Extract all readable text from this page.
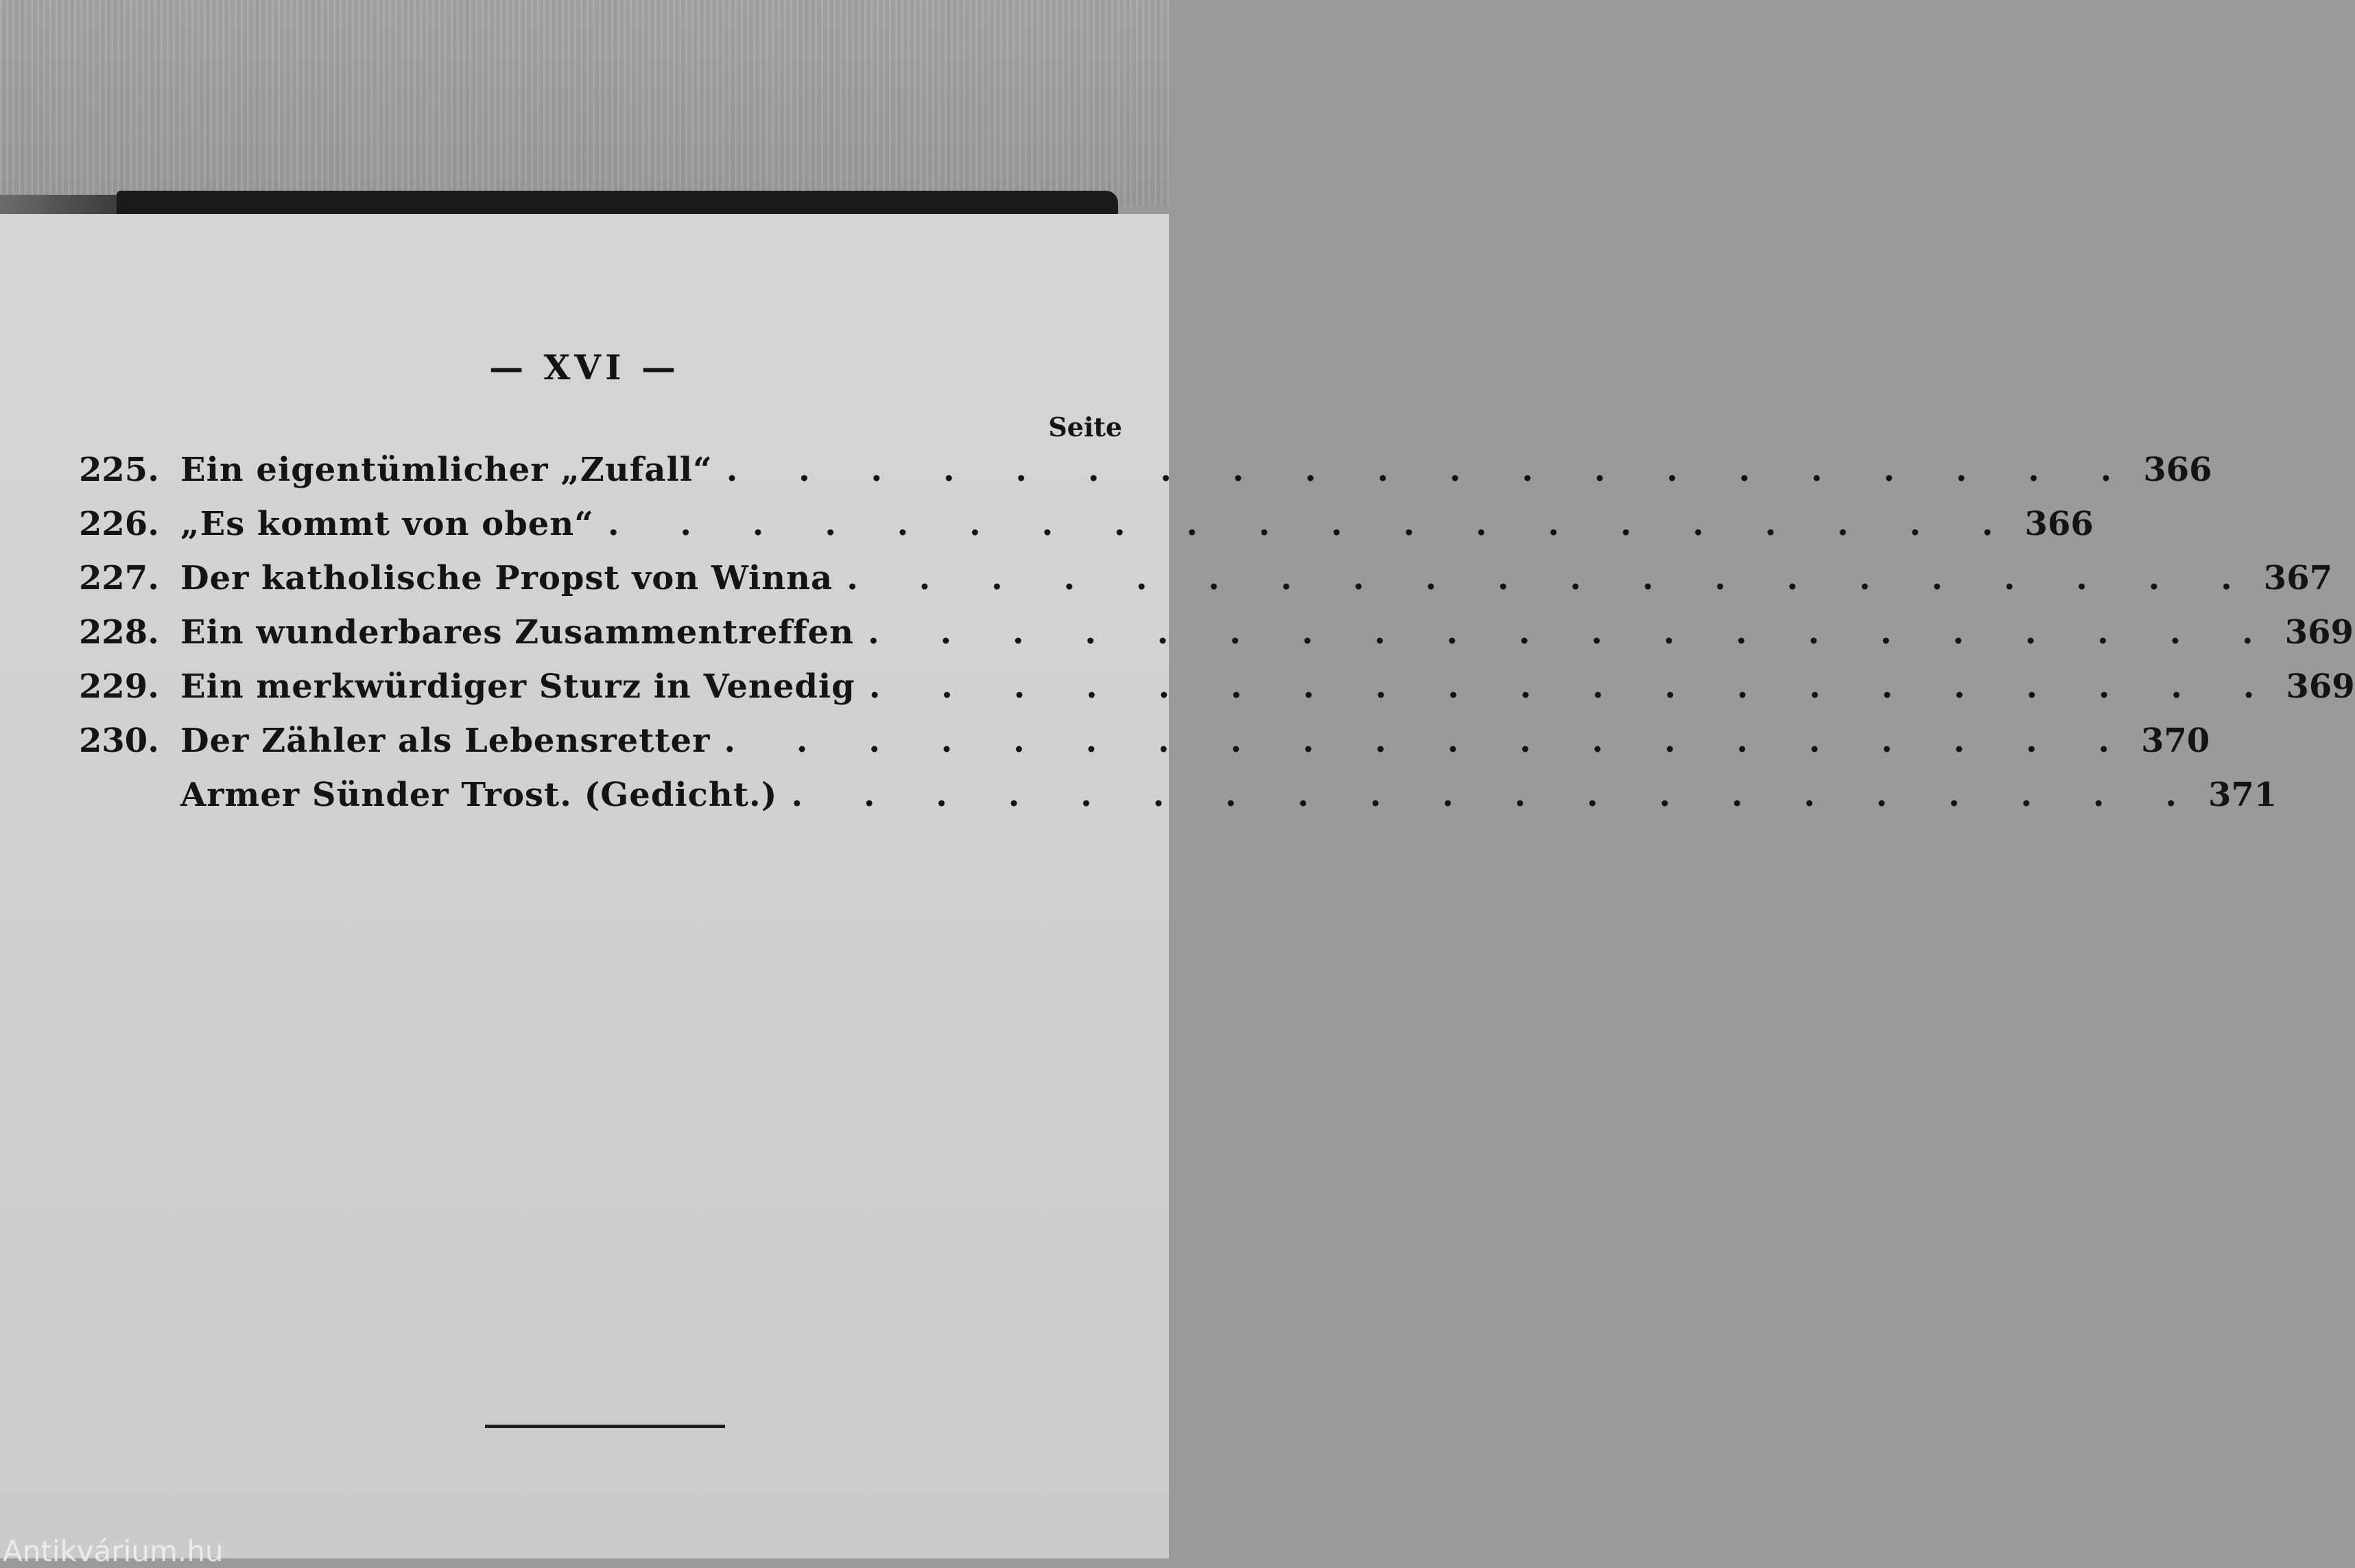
— XVI —
Seite
225. Ein eigentümlicher „Zufall“ . . . . . . . . . . . . . . . . . . . . 366
226. „Es kommt von oben“ . . . . . . . . . . . . . . . . . . . . 366
227. Der katholische Propst von Winna . . . . . . . . . . . . . . . . . . . . 367
228. Ein wunderbares Zusammentreffen . . . . . . . . . . . . . . . . . . . . 369
229. Ein merkwürdiger Sturz in Venedig . . . . . . . . . . . . . . . . . . . . 369
230. Der Zähler als Lebensretter . . . . . . . . . . . . . . . . . . . . 370
Armer Sünder Trost. (Gedicht.) . . . . . . . . . . . . . . . . . . . . 371
Antikvárium.hu
